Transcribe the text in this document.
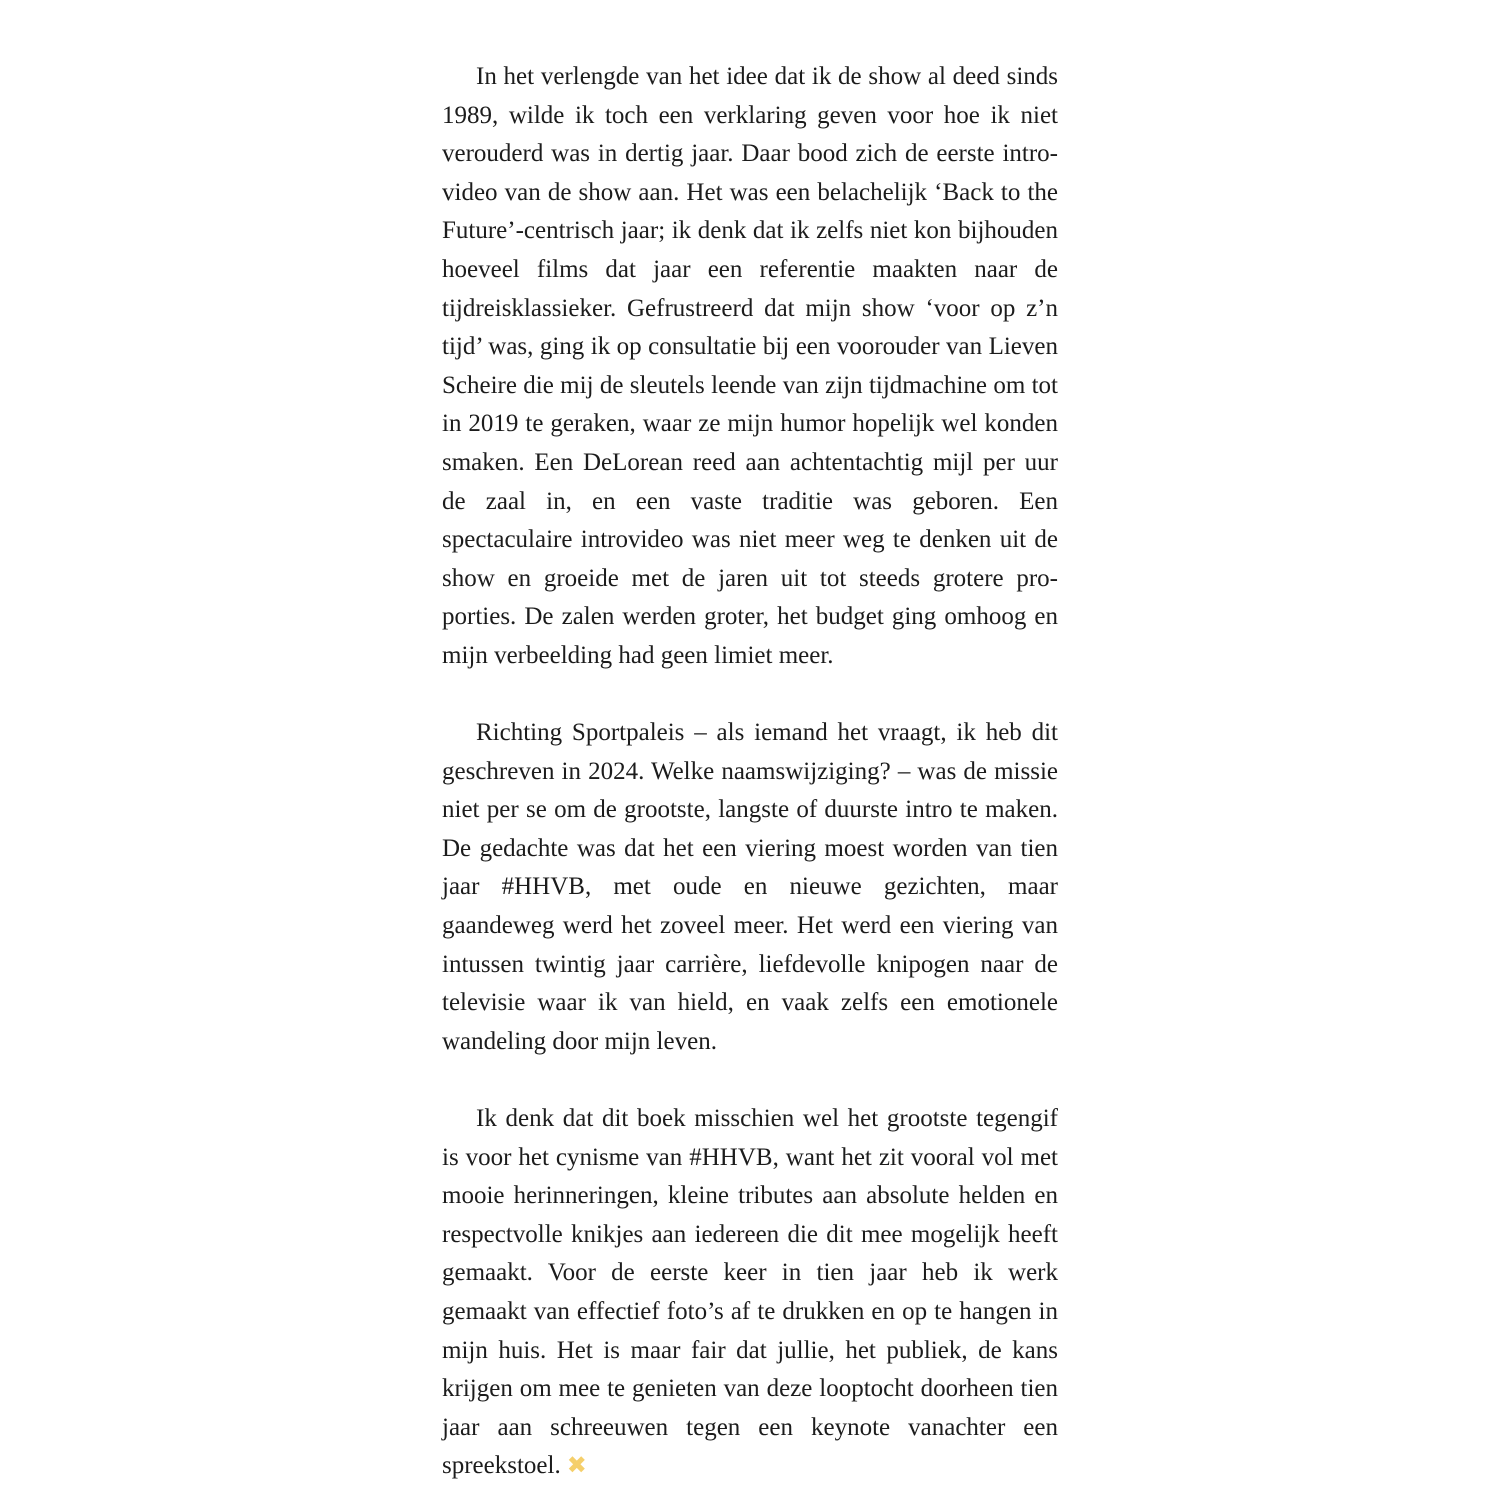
In het verlengde van het idee dat ik de show al deed sinds 1989, wilde ik toch een verklaring geven voor hoe ik niet verouderd was in dertig jaar. Daar bood zich de eerste introvideo van de show aan. Het was een belachelijk ‘Back to the Future’-centrisch jaar; ik denk dat ik zelfs niet kon bijhouden hoeveel films dat jaar een referentie maakten naar de tijdreisklassieker. Gefrustreerd dat mijn show ‘voor op z’n tijd’ was, ging ik op consultatie bij een voorouder van Lieven Scheire die mij de sleutels leende van zijn tijdmachine om tot in 2019 te geraken, waar ze mijn humor hopelijk wel konden smaken. Een DeLorean reed aan achtentachtig mijl per uur de zaal in, en een vaste traditie was geboren. Een spectaculaire introvideo was niet meer weg te denken uit de show en groeide met de jaren uit tot steeds grotere proporties. De zalen werden groter, het budget ging omhoog en mijn verbeelding had geen limiet meer.

Richting Sportpaleis – als iemand het vraagt, ik heb dit geschreven in 2024. Welke naamswijziging? – was de missie niet per se om de grootste, langste of duurste intro te maken. De gedachte was dat het een viering moest worden van tien jaar #HHVB, met oude en nieuwe gezichten, maar gaandeweg werd het zoveel meer. Het werd een viering van intussen twintig jaar carrière, liefdevolle knipogen naar de televisie waar ik van hield, en vaak zelfs een emotionele wandeling door mijn leven.

Ik denk dat dit boek misschien wel het grootste tegengif is voor het cynisme van #HHVB, want het zit vooral vol met mooie herinneringen, kleine tributes aan absolute helden en respectvolle knikjes aan iedereen die dit mee mogelijk heeft gemaakt. Voor de eerste keer in tien jaar heb ik werk gemaakt van effectief foto’s af te drukken en op te hangen in mijn huis. Het is maar fair dat jullie, het publiek, de kans krijgen om mee te genieten van deze looptocht doorheen tien jaar aan schreeuwen tegen een keynote vanachter een spreekstoel. ✖
